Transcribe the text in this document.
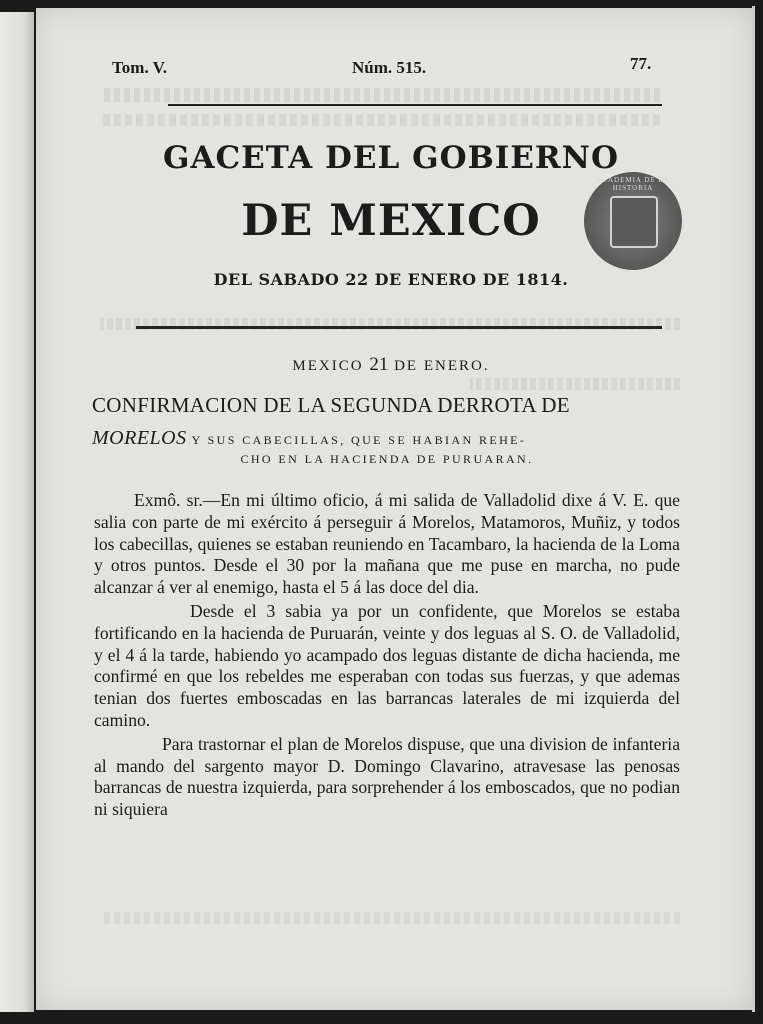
Tom. V.	Núm. 515.	77.
GACETA DEL GOBIERNO
DE MEXICO
ACADEMIA DE LA HISTORIA
DEL SABADO 22 DE ENERO DE 1814.
MEXICO 21 DE ENERO.
CONFIRMACION DE LA SEGUNDA DERROTA DE
MORELOS Y SUS CABECILLAS, QUE SE HABIAN REHE-
CHO EN LA HACIENDA DE PURUARAN.

Exmô. sr.—En mi último oficio, á mi salida de Valladolid dixe á V. E. que salia con parte de mi exército á perseguir á Morelos, Matamoros, Muñiz, y todos los cabecillas, quienes se estaban reuniendo en Tacambaro, la hacienda de la Loma y otros puntos. Desde el 30 por la mañana que me puse en marcha, no pude alcanzar á ver al enemigo, hasta el 5 á las doce del dia.

Desde el 3 sabia ya por un confidente, que Morelos se estaba fortificando en la hacienda de Puruarán, veinte y dos leguas al S. O. de Valladolid, y el 4 á la tarde, habiendo yo acampado dos leguas distante de dicha hacienda, me confirmé en que los rebeldes me esperaban con todas sus fuerzas, y que ademas tenian dos fuertes emboscadas en las barrancas laterales de mi izquierda del camino.

Para trastornar el plan de Morelos dispuse, que una division de infanteria al mando del sargento mayor D. Domingo Clavarino, atravesase las penosas barrancas de nuestra izquierda, para sorprehender á los emboscados, que no podian ni siquiera
